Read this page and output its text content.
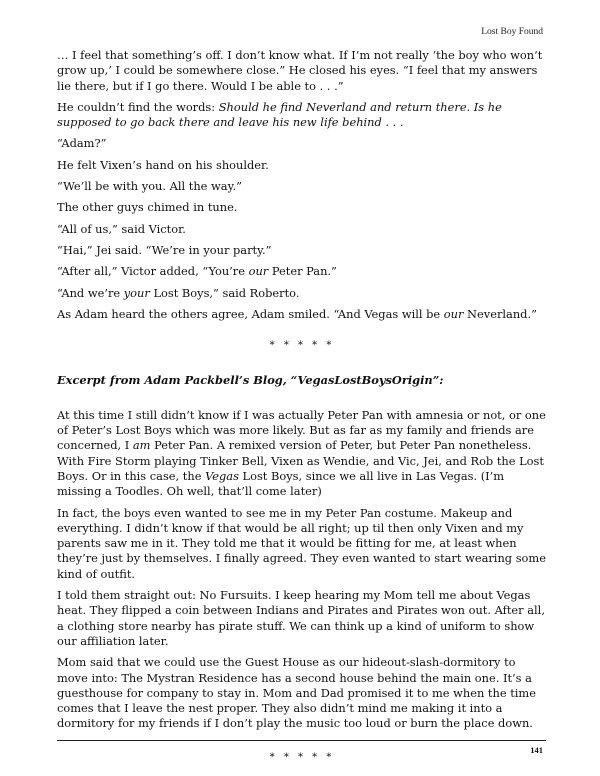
Lost Boy Found

… I feel that something’s off. I don’t know what. If I’m not really ‘the boy who won’t grow up,’ I could be somewhere close.” He closed his eyes. “I feel that my answers lie there, but if I go there. Would I be able to . . .”

He couldn’t find the words: Should he find Neverland and return there. Is he supposed to go back there and leave his new life behind . . .

“Adam?”

He felt Vixen’s hand on his shoulder.

“We’ll be with you. All the way.”

The other guys chimed in tune.

“All of us,” said Victor.

“Hai,” Jei said. “We’re in your party.”

“After all,” Victor added, “You’re our Peter Pan.”

“And we’re your Lost Boys,” said Roberto.

As Adam heard the others agree, Adam smiled. “And Vegas will be our Neverland.”

* * * * *

Excerpt from Adam Packbell’s Blog, “VegasLostBoysOrigin”:

At this time I still didn’t know if I was actually Peter Pan with amnesia or not, or one of Peter’s Lost Boys which was more likely. But as far as my family and friends are concerned, I am Peter Pan. A remixed version of Peter, but Peter Pan nonetheless. With Fire Storm playing Tinker Bell, Vixen as Wendie, and Vic, Jei, and Rob the Lost Boys. Or in this case, the Vegas Lost Boys, since we all live in Las Vegas. (I’m missing a Toodles. Oh well, that’ll come later)

In fact, the boys even wanted to see me in my Peter Pan costume. Makeup and everything. I didn’t know if that would be all right; up til then only Vixen and my parents saw me in it. They told me that it would be fitting for me, at least when they’re just by themselves. I finally agreed. They even wanted to start wearing some kind of outfit.

I told them straight out: No Fursuits. I keep hearing my Mom tell me about Vegas heat. They flipped a coin between Indians and Pirates and Pirates won out. After all, a clothing store nearby has pirate stuff. We can think up a kind of uniform to show our affiliation later.

Mom said that we could use the Guest House as our hideout-slash-dormitory to move into: The Mystran Residence has a second house behind the main one. It’s a guesthouse for company to stay in. Mom and Dad promised it to me when the time comes that I leave the nest proper. They also didn’t mind me making it into a dormitory for my friends if I don’t play the music too loud or burn the place down.

* * * * *

141
